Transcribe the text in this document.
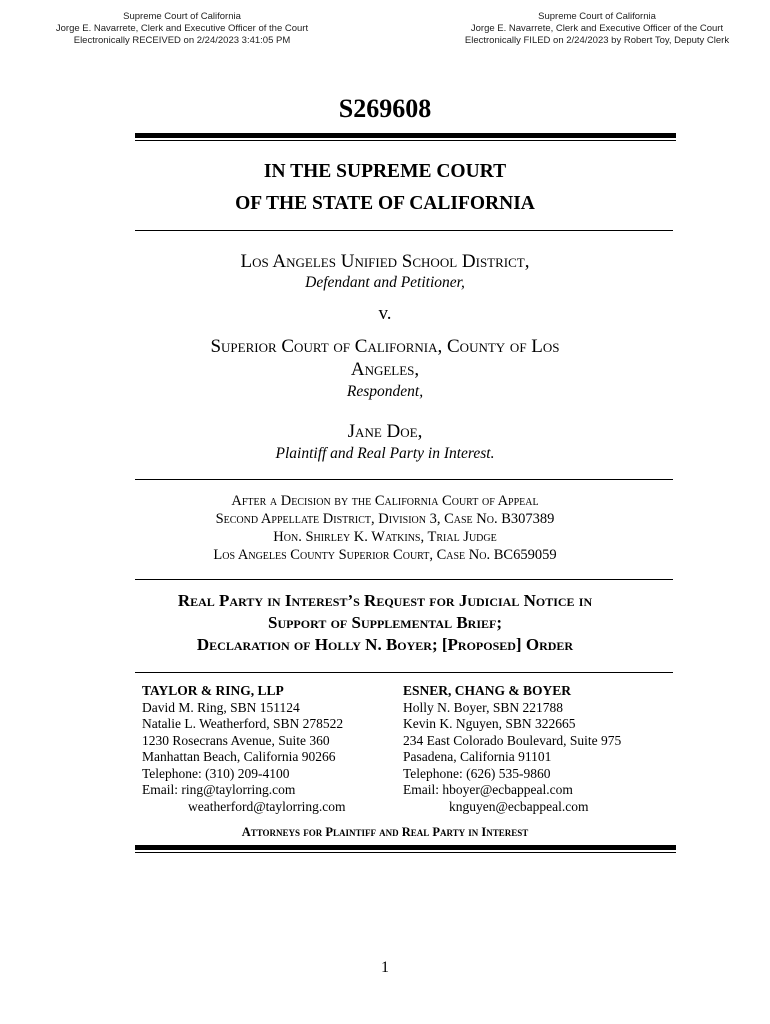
Supreme Court of California
Jorge E. Navarrete, Clerk and Executive Officer of the Court
Electronically RECEIVED on 2/24/2023 3:41:05 PM
Supreme Court of California
Jorge E. Navarrete, Clerk and Executive Officer of the Court
Electronically FILED on 2/24/2023 by Robert Toy, Deputy Clerk
S269608
IN THE SUPREME COURT
OF THE STATE OF CALIFORNIA
Los Angeles Unified School District,
Defendant and Petitioner,
v.
Superior Court of California, County of Los
Angeles,
Respondent,
Jane Doe,
Plaintiff and Real Party in Interest.
After a Decision by the California Court of Appeal
Second Appellate District, Division 3, Case No. B307389
Hon. Shirley K. Watkins, Trial Judge
Los Angeles County Superior Court, Case No. BC659059
Real Party in Interest’s Request for Judicial Notice in
Support of Supplemental Brief;
Declaration of Holly N. Boyer; [Proposed] Order
TAYLOR & RING, LLP
David M. Ring, SBN 151124
Natalie L. Weatherford, SBN 278522
1230 Rosecrans Avenue, Suite 360
Manhattan Beach, California 90266
Telephone: (310) 209-4100
Email: ring@taylorring.com
weatherford@taylorring.com
ESNER, CHANG & BOYER
Holly N. Boyer, SBN 221788
Kevin K. Nguyen, SBN 322665
234 East Colorado Boulevard, Suite 975
Pasadena, California 91101
Telephone: (626) 535-9860
Email: hboyer@ecbappeal.com
knguyen@ecbappeal.com
Attorneys for Plaintiff and Real Party in Interest
1
